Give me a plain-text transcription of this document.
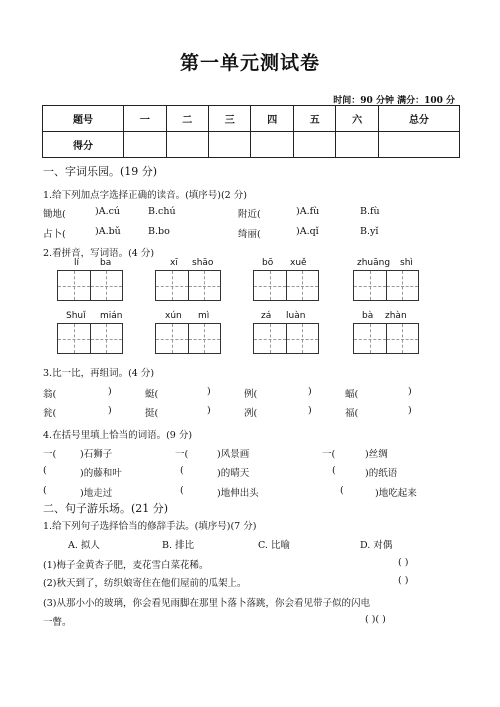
第一单元测试卷
时间：90 分钟 满分：100 分
题号	一	二	三	四	五	六	总分
得分							
一、字词乐园。(19 分)
1.给下列加点字选择正确的读音。(填序号)(2 分)
锄地(	)A.cú	B.chú	附近(	)A.fù	B.fù
占卜(	)A.bǔ	B.bo	绮丽(	)A.qǐ	B.yǐ
2.看拼音，写词语。(4 分)
lí ba	xī shāo	bō xuě	zhuāng shì
Shuǐ mián	xún mì	zá luàn	bà zhàn
3.比一比，再组词。(4 分)
翁(	)	蜓(	)	例(	)	蝠(	)
瓮(	)	挺(	)	冽(	)	福(	)
4.在括号里填上恰当的词语。(9 分)
一(	)石狮子	一(	)风景画	一(	)丝绸
(	)的藤和叶	(	)的晴天	(	)的纸语
(	)地走过	(	)地伸出头	(	)地吃起来
二、句子游乐场。(21 分)
1.给下列句子选择恰当的修辞手法。(填序号)(7 分)
A. 拟人	B. 排比	C. 比喻	D. 对偶
(1)梅子金黄杏子肥，麦花雪白菜花稀。	( )
(2)秋天到了，纺织娘寄住在他们屋前的瓜架上。	( )
(3)从那小小的玻璃，你会看见雨脚在那里卜落卜落跳，你会看见带子似的闪电
一瞥。	( )( )
